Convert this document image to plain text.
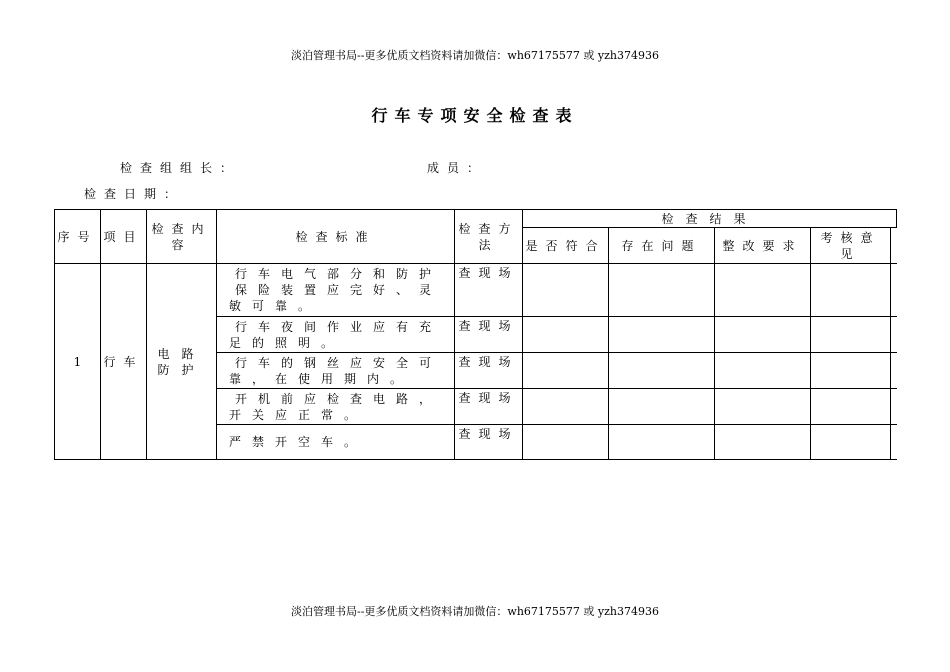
淡泊管理书局--更多优质文档资料请加微信：wh67175577 或 yzh374936
行车专项安全检查表
检查组组长：	成员：
检查日期：
序号	项目	检查内容	检查标准	检查方法	检查结果				
					是否符合	存在问题	整改要求	考核意见	
1	行车	电路防护	行车电气部分和防护保险装置应完好、灵敏可靠。	查现场					
			行车夜间作业应有充足的照明。	查现场					
			行车的钢丝应安全可靠，在使用期内。	查现场					
			开机前应检查电路，开关应正常。	查现场					
			严禁开空车。	查现场					
淡泊管理书局--更多优质文档资料请加微信：wh67175577 或 yzh374936
